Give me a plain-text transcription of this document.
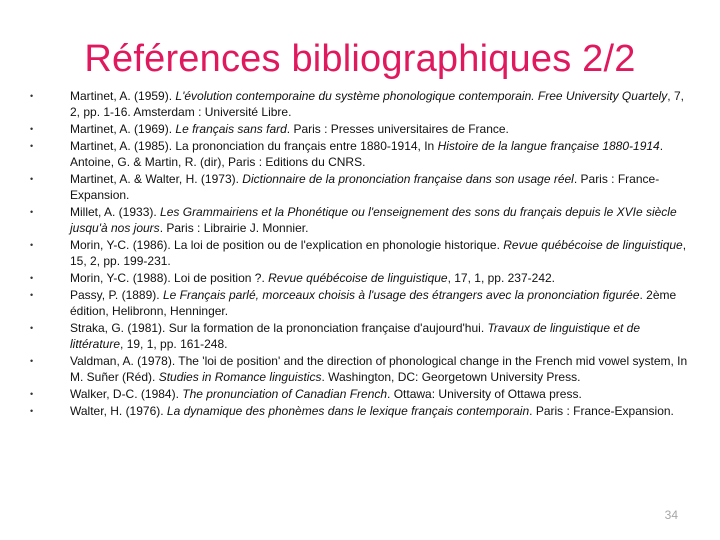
Références bibliographiques 2/2
•	Martinet, A. (1959). L'évolution contemporaine du système phonologique contemporain. Free University Quartely, 7, 2, pp. 1-16. Amsterdam : Université Libre.
•	Martinet, A. (1969). Le français sans fard. Paris : Presses universitaires de France.
•	Martinet, A. (1985). La prononciation du français entre 1880-1914, In Histoire de la langue française 1880-1914. Antoine, G. & Martin, R. (dir), Paris : Editions du CNRS.
•	Martinet, A. & Walter, H. (1973). Dictionnaire de la prononciation française dans son usage réel. Paris : France-Expansion.
•	Millet, A. (1933). Les Grammairiens et la Phonétique ou l'enseignement des sons du français depuis le XVIe siècle jusqu'à nos jours. Paris : Librairie J. Monnier.
•	Morin, Y-C. (1986). La loi de position ou de l'explication en phonologie historique. Revue québécoise de linguistique, 15, 2, pp. 199-231.
•	Morin, Y-C. (1988). Loi de position ?. Revue québécoise de linguistique, 17, 1, pp. 237-242.
•	Passy, P. (1889). Le Français parlé, morceaux choisis à l'usage des étrangers avec la prononciation figurée. 2ème édition, Helibronn, Henninger.
•	Straka, G. (1981). Sur la formation de la prononciation française d'aujourd'hui. Travaux de linguistique et de littérature, 19, 1, pp. 161-248.
•	Valdman, A. (1978). The 'loi de position' and the direction of phonological change in the French mid vowel system, In M. Suñer (Réd). Studies in Romance linguistics. Washington, DC: Georgetown University Press.
•	Walker, D-C. (1984). The pronunciation of Canadian French. Ottawa: University of Ottawa press.
•	Walter, H. (1976). La dynamique des phonèmes dans le lexique français contemporain. Paris : France-Expansion.
34
